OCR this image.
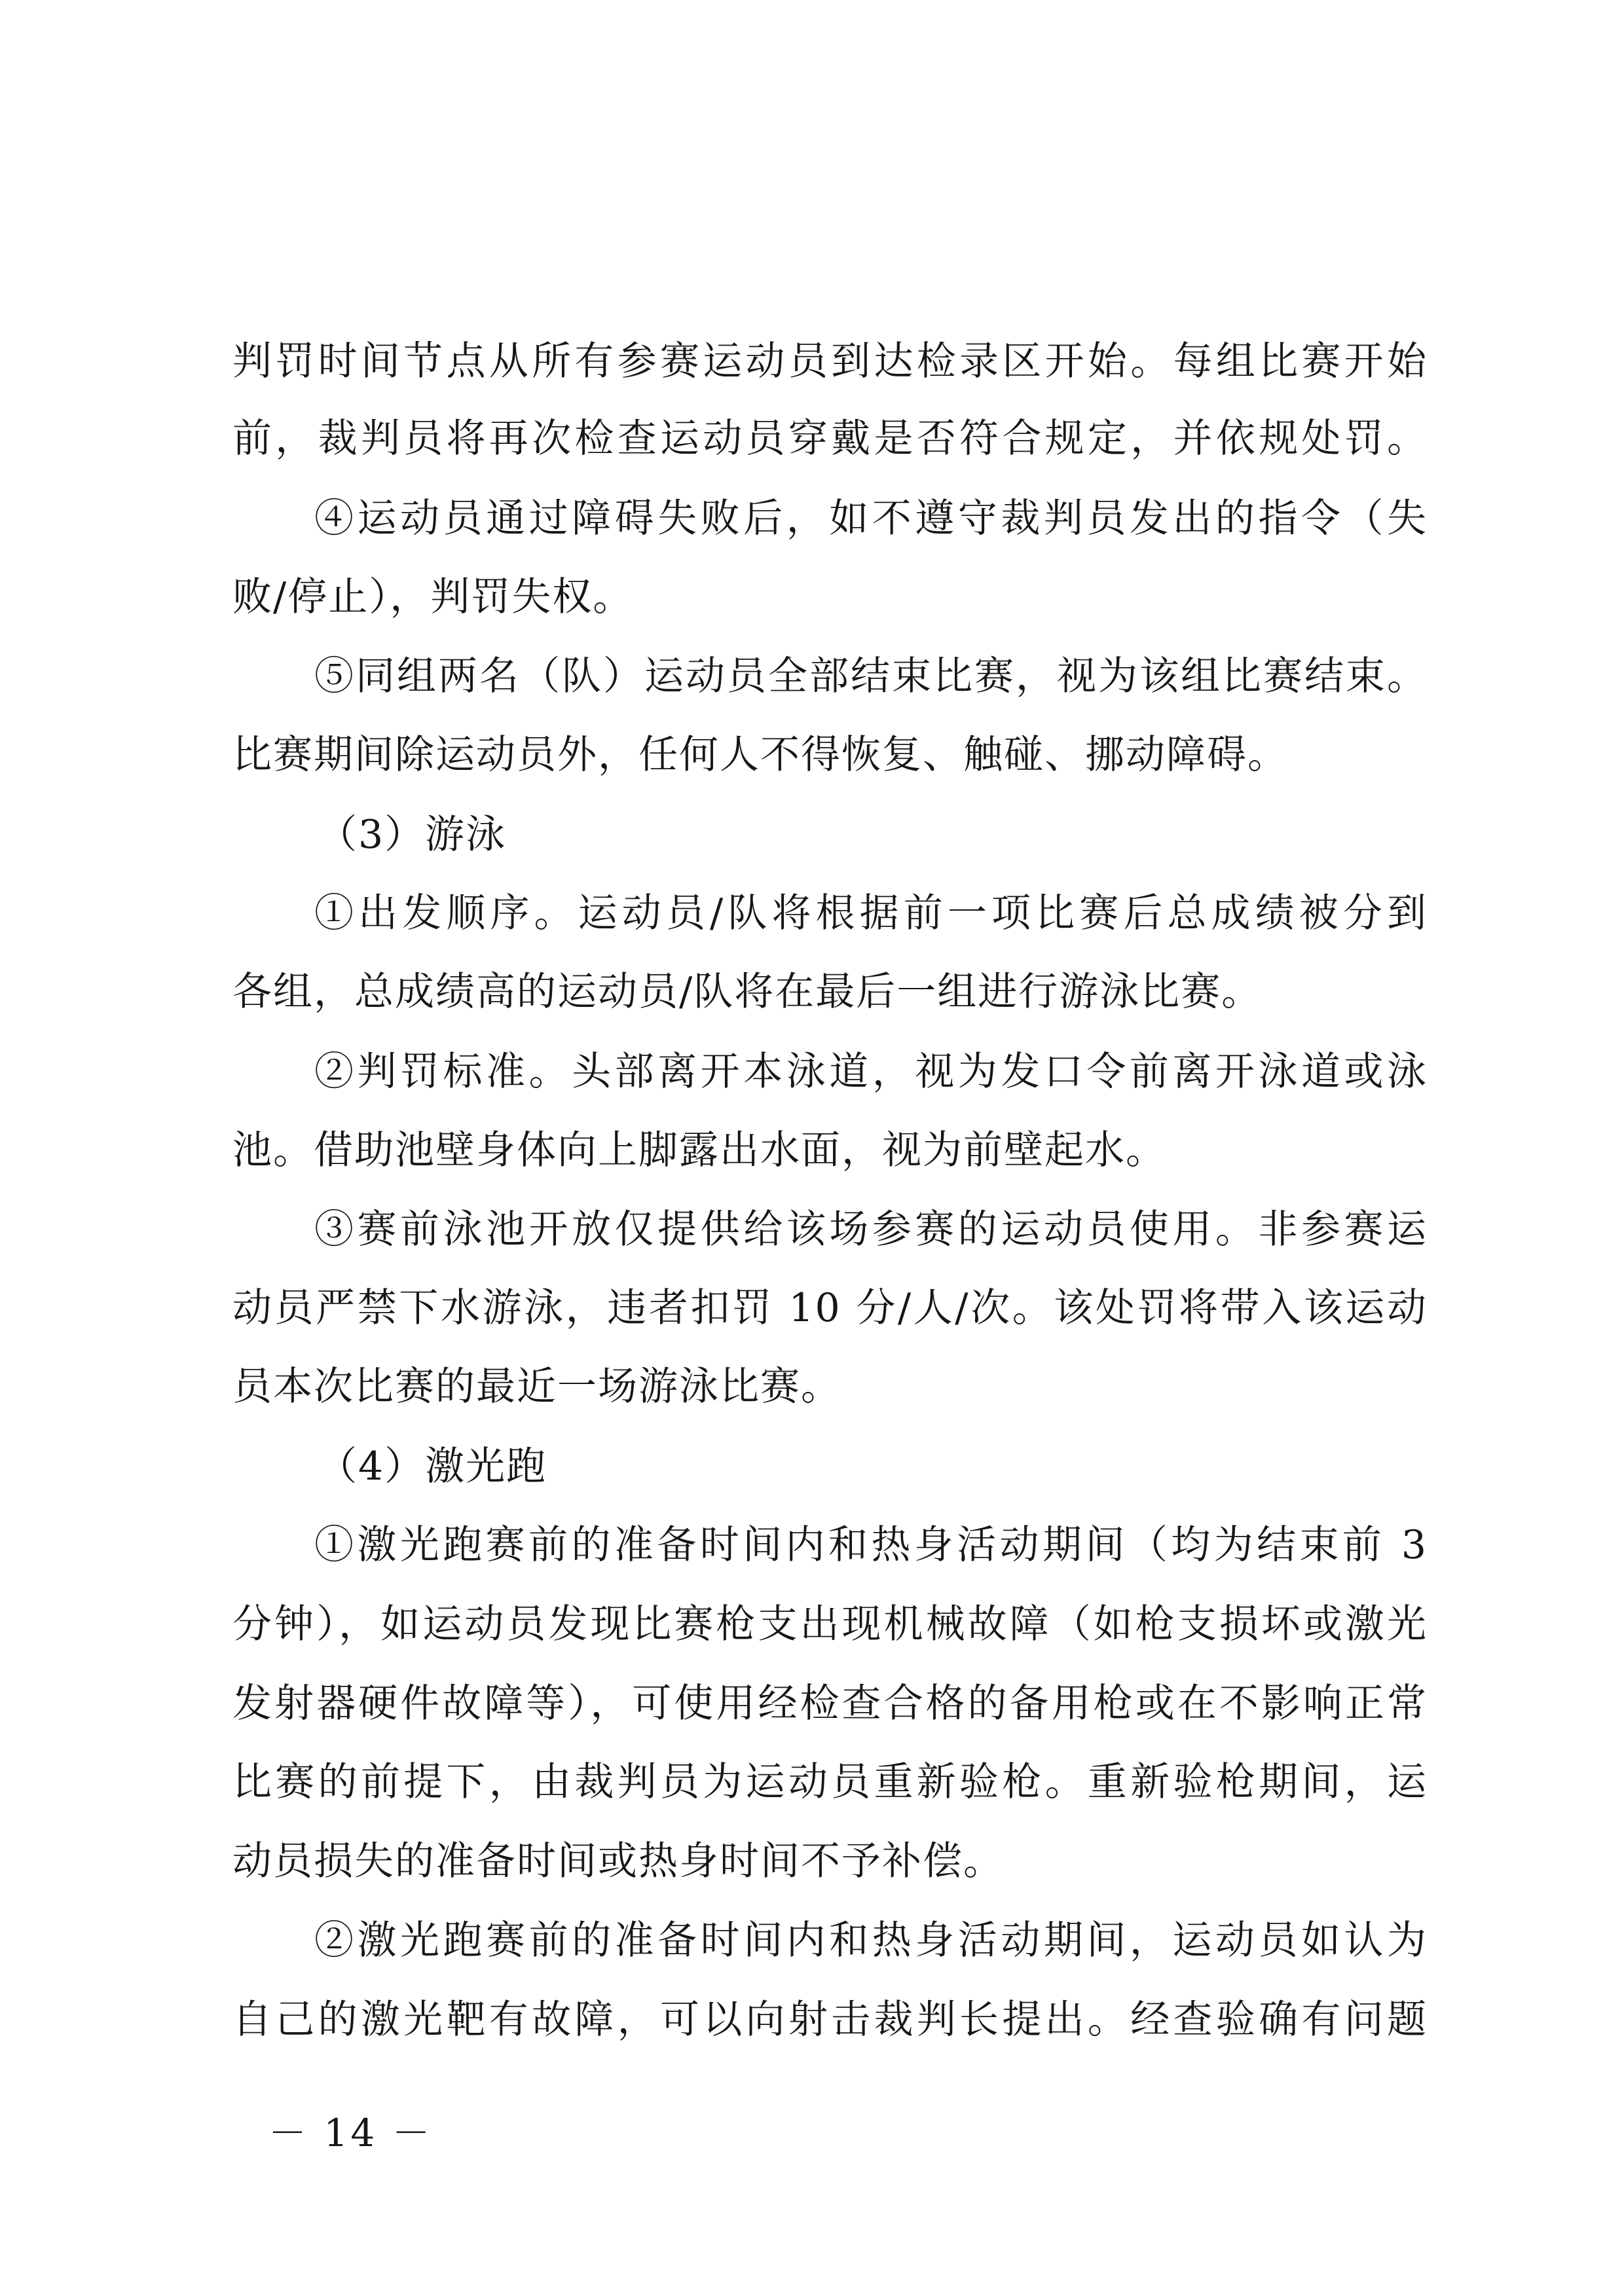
判罚时间节点从所有参赛运动员到达检录区开始。每组比赛开始
前，裁判员将再次检查运动员穿戴是否符合规定，并依规处罚。
④运动员通过障碍失败后，如不遵守裁判员发出的指令（失
败/停止），判罚失权。
⑤同组两名（队）运动员全部结束比赛，视为该组比赛结束。
比赛期间除运动员外，任何人不得恢复、触碰、挪动障碍。
（3）游泳
①出发顺序。运动员/队将根据前一项比赛后总成绩被分到
各组，总成绩高的运动员/队将在最后一组进行游泳比赛。
②判罚标准。头部离开本泳道，视为发口令前离开泳道或泳
池。借助池壁身体向上脚露出水面，视为前壁起水。
③赛前泳池开放仅提供给该场参赛的运动员使用。非参赛运
动员严禁下水游泳，违者扣罚 10 分/人/次。该处罚将带入该运动
员本次比赛的最近一场游泳比赛。
（4）激光跑
①激光跑赛前的准备时间内和热身活动期间（均为结束前 3
分钟），如运动员发现比赛枪支出现机械故障（如枪支损坏或激光
发射器硬件故障等），可使用经检查合格的备用枪或在不影响正常
比赛的前提下，由裁判员为运动员重新验枪。重新验枪期间，运
动员损失的准备时间或热身时间不予补偿。
②激光跑赛前的准备时间内和热身活动期间，运动员如认为
自己的激光靶有故障，可以向射击裁判长提出。经查验确有问题
－ 14 －
